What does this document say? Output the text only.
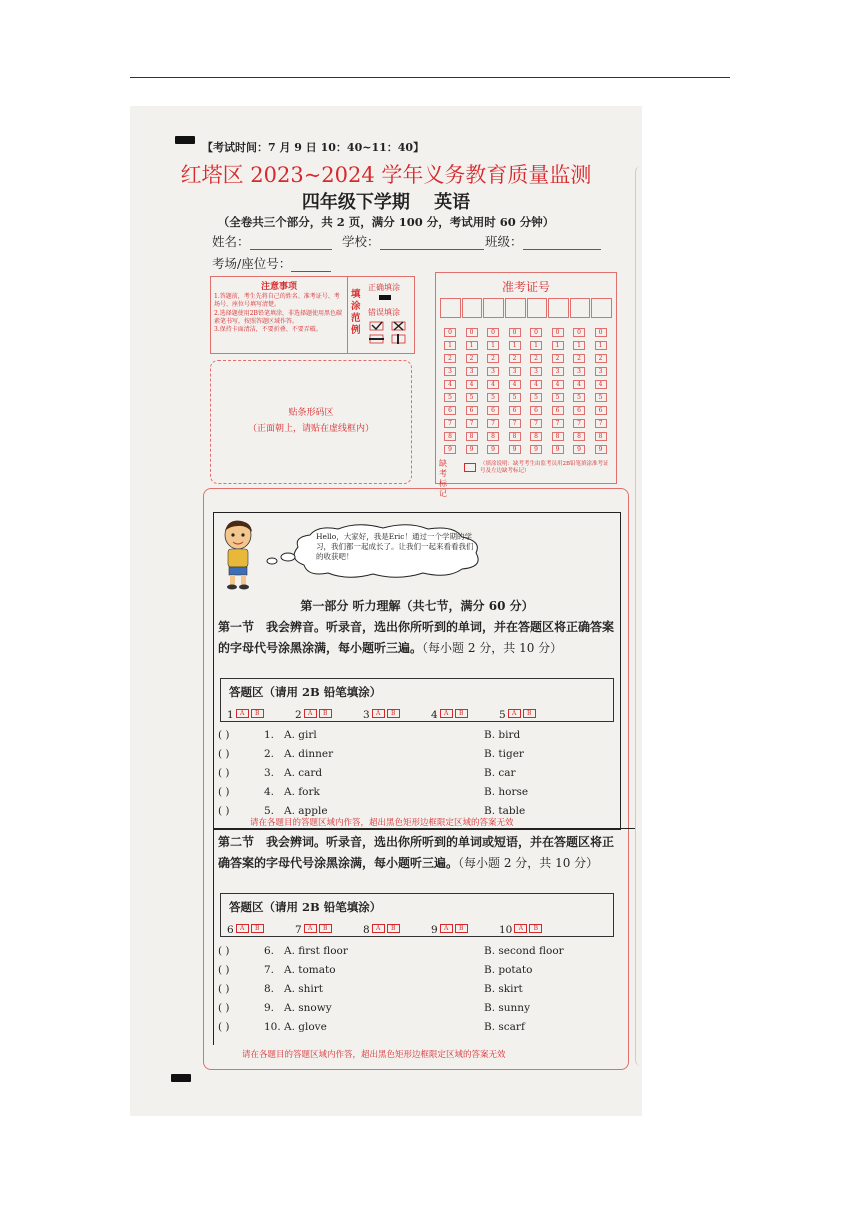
【考试时间：7 月 9 日 10：40~11：40】
红塔区 2023~2024 学年义务教育质量监测
四年级下学期 英语
（全卷共三个部分，共 2 页，满分 100 分，考试用时 60 分钟）
姓名：	学校：	班级：
考场/座位号：
注意事项
1.答题前，考生先将自己的姓名、准考证号、考场号、座位号填写清楚。
2.选择题使用2B铅笔填涂，非选择题使用黑色碳素笔书写，按照答题区域作答。
3.保持卡面清洁，不要折叠、不要弄破。
填
涂
范
例
正确填涂
错误填涂
贴条形码区
（正面朝上，请贴在虚线框内）
准考证号
0	0	0	0	0	0	0	0
1	1	1	1	1	1	1	1
2	2	2	2	2	2	2	2
3	3	3	3	3	3	3	3
4	4	4	4	4	4	4	4
5	5	5	5	5	5	5	5
6	6	6	6	6	6	6	6
7	7	7	7	7	7	7	7
8	8	8	8	8	8	8	8
9	9	9	9	9	9	9	9
缺考标记
（填涂说明：缺考考生由监考员用2B铅笔填涂准考证号及左边缺考标记）
Hello，大家好，我是Eric！通过一个学期的学习，我们都一起成长了。让我们一起来看看我们的收获吧！
第一部分 听力理解（共七节，满分 60 分）
第一节　我会辨音。听录音，选出你所听到的单词，并在答题区将正确答案的字母代号涂黑涂满，每小题听三遍。（每小题 2 分，共 10 分）
答题区（请用 2B 铅笔填涂）
1 A B	2 A B	3 A B	4 A B	5 A B
( )	1. A. girl	B. bird
( )	2. A. dinner	B. tiger
( )	3. A. card	B. car
( )	4. A. fork	B. horse
( )	5. A. apple	B. table
请在各题目的答题区域内作答，超出黑色矩形边框限定区域的答案无效
第二节　我会辨词。听录音，选出你所听到的单词或短语，并在答题区将正确答案的字母代号涂黑涂满，每小题听三遍。（每小题 2 分，共 10 分）
答题区（请用 2B 铅笔填涂）
6 A B	7 A B	8 A B	9 A B	10 A B
( )	6. A. first floor	B. second floor
( )	7. A. tomato	B. potato
( )	8. A. shirt	B. skirt
( )	9. A. snowy	B. sunny
( )	10. A. glove	B. scarf
请在各题目的答题区域内作答，超出黑色矩形边框限定区域的答案无效
